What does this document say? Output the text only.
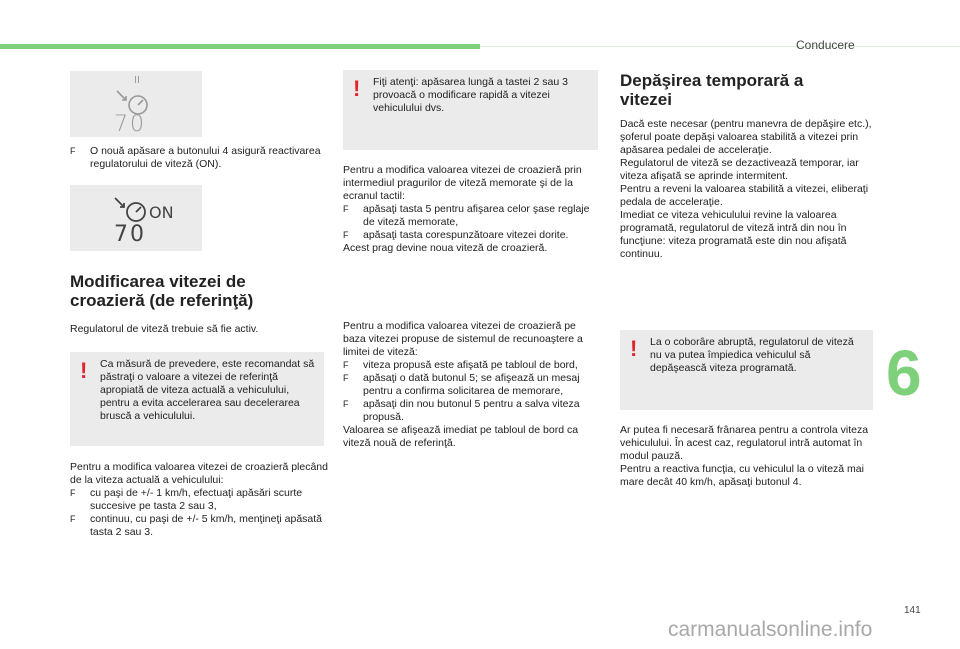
Conducere
6
141
carmanualsonline.info
II
70

F O nouă apăsare a butonului 4 asigură reactivarea regulatorului de viteză (ON).

ON
70
Modificarea vitezei de croazieră (de referinţă)
Regulatorul de viteză trebuie să fie activ.
! Ca măsură de prevedere, este recomandat să păstraţi o valoare a vitezei de referinţă apropiată de viteza actuală a vehiculului, pentru a evita accelerarea sau decelerarea bruscă a vehiculului.

Pentru a modifica valoarea vitezei de croazieră plecând de la viteza actuală a vehiculului:

F cu paşi de +/- 1 km/h, efectuaţi apăsări scurte succesive pe tasta 2 sau 3,

F continuu, cu paşi de +/- 5 km/h, menţineţi apăsată tasta 2 sau 3.

! Fiţi atenţi: apăsarea lungă a tastei 2 sau 3 provoacă o modificare rapidă a vitezei vehiculului dvs.

Pentru a modifica valoarea vitezei de croazieră prin intermediul pragurilor de viteză memorate şi de la ecranul tactil:

F apăsaţi tasta 5 pentru afişarea celor şase reglaje de viteză memorate,

F apăsaţi tasta corespunzătoare vitezei dorite.

Acest prag devine noua viteză de croazieră.

Pentru a modifica valoarea vitezei de croazieră pe baza vitezei propuse de sistemul de recunoaştere a limitei de viteză:

F viteza propusă este afişată pe tabloul de bord,

F apăsaţi o dată butonul 5; se afişează un mesaj pentru a confirma solicitarea de memorare,

F apăsaţi din nou butonul 5 pentru a salva viteza propusă.

Valoarea se afişează imediat pe tabloul de bord ca viteză nouă de referinţă.

Depăşirea temporară a vitezei

Dacă este necesar (pentru manevra de depăşire etc.), şoferul poate depăşi valoarea stabilită a vitezei prin apăsarea pedalei de acceleraţie.

Regulatorul de viteză se dezactivează temporar, iar viteza afişată se aprinde intermitent.

Pentru a reveni la valoarea stabilită a vitezei, eliberaţi pedala de acceleraţie.

Imediat ce viteza vehiculului revine la valoarea programată, regulatorul de viteză intră din nou în funcţiune: viteza programată este din nou afişată continuu.

! La o coborâre abruptă, regulatorul de viteză nu va putea împiedica vehiculul să depăşească viteza programată.

Ar putea fi necesară frânarea pentru a controla viteza vehiculului. În acest caz, regulatorul intră automat în modul pauză.

Pentru a reactiva funcţia, cu vehiculul la o viteză mai mare decât 40 km/h, apăsaţi butonul 4.
